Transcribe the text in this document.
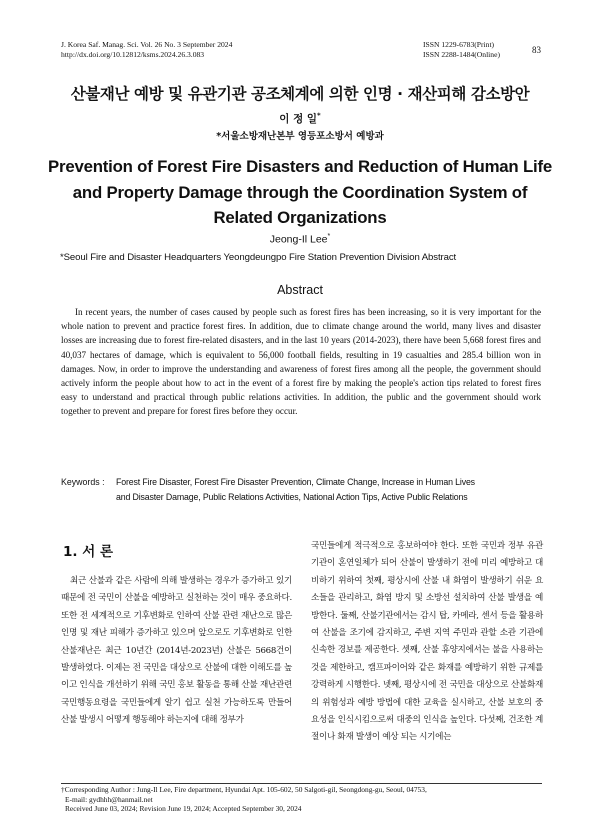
J. Korea Saf. Manag. Sci. Vol. 26 No. 3 September 2024
http://dx.doi.org/10.12812/ksms.2024.26.3.083
ISSN 1229-6783(Print)
ISSN 2288-1484(Online)	83
산불재난 예방 및 유관기관 공조체계에 의한 인명 · 재산피해 감소방안
이 정 일*
*서울소방재난본부 영등포소방서 예방과
Prevention of Forest Fire Disasters and Reduction of Human Life
and Property Damage through the Coordination System of
Related Organizations
Jeong-Il Lee*
*Seoul Fire and Disaster Headquarters Yeongdeungpo Fire Station Prevention Division Abstract
Abstract

In recent years, the number of cases caused by people such as forest fires has been increasing, so it is very important for the whole nation to prevent and practice forest fires. In addition, due to climate change around the world, many lives and disaster losses are increasing due to forest fire-related disasters, and in the last 10 years (2014-2023), there have been 5,668 forest fires and 40,037 hectares of damage, which is equivalent to 56,000 football fields, resulting in 19 casualties and 285.4 billion won in damages. Now, in order to improve the understanding and awareness of forest fires among all the people, the government should actively inform the people about how to act in the event of a forest fire by making the people's action tips related to forest fires easy to understand and practical through public relations activities. In addition, the public and the government should work together to prevent and prepare for forest fires before they occur.

Keywords : Forest Fire Disaster, Forest Fire Disaster Prevention, Climate Change, Increase in Human Lives
and Disaster Damage, Public Relations Activities, National Action Tips, Active Public Relations
1. 서 론

최근 산불과 같은 사람에 의해 발생하는 경우가 증가하고 있기 때문에 전 국민이 산불을 예방하고 실천하는 것이 매우 중요하다. 또한 전 세계적으로 기후변화로 인하여 산불 관련 재난으로 많은 인명 및 재난 피해가 증가하고 있으며 앞으로도 기후변화로 인한 산불재난은 최근 10년간 (2014년-2023년) 산불은 5668건이 발생하였다. 이제는 전 국민을 대상으로 산불에 대한 이해도를 높이고 인식을 개선하기 위해 국민 홍보 활동을 통해 산불 재난관련 국민행동요령을 국민들에게 알기 쉽고 실천 가능하도록 만들어 산불 발생시 어떻게 행동해야 하는지에 대해 정부가

국민들에게 적극적으로 홍보하여야 한다. 또한 국민과 정부 유관기관이 혼연일체가 되어 산불이 발생하기 전에 미리 예방하고 대비하기 위하여 첫째, 평상시에 산불 내 화염이 발생하기 쉬운 요소들을 관리하고, 화염 방지 및 소방선 설치하여 산불 발생을 예방한다. 둘째, 산불기관에서는 감시 탑, 카메라, 센서 등을 활용하여 산불을 조기에 감지하고, 주변 지역 주민과 관할 소관 기관에 신속한 경보를 제공한다. 셋째, 산불 휴양지에서는 불을 사용하는 것을 제한하고, 캠프파이어와 같은 화재를 예방하기 위한 규제를 강력하게 시행한다. 넷째, 평상시에 전 국민을 대상으로 산불화재의 위험성과 예방 방법에 대한 교육을 실시하고, 산불 보호의 중요성을 인식시킴으로써 대중의 인식을 높인다. 다섯째, 건조한 계절이나 화재 발생이 예상 되는 시기에는

†Corresponding Author : Jung-Il Lee, Fire department, Hyundai Apt. 105-602, 50 Salgoti-gil, Seongdong-gu, Seoul, 04753,
E-mail: gydhhh@hanmail.net
Received June 03, 2024; Revision June 19, 2024; Accepted September 30, 2024
